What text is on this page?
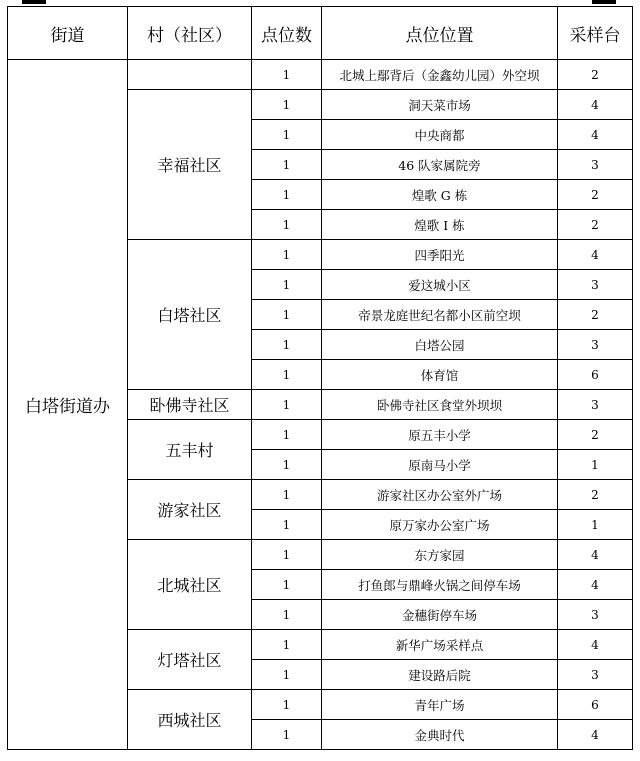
街道	村（社区）	点位数	点位位置	采样台
白塔街道办		1	北城上鄢背后（金鑫幼儿园）外空坝	2
	幸福社区	1	洞天菜市场	4
		1	中央商都	4
		1	46 队家属院旁	3
		1	煌歌 G 栋	2
		1	煌歌 I 栋	2
	白塔社区	1	四季阳光	4
		1	爱这城小区	3
		1	帝景龙庭世纪名都小区前空坝	2
		1	白塔公园	3
		1	体育馆	6
	卧佛寺社区	1	卧佛寺社区食堂外坝坝	3
	五丰村	1	原五丰小学	2
		1	原南马小学	1
	游家社区	1	游家社区办公室外广场	2
		1	原万家办公室广场	1
	北城社区	1	东方家园	4
		1	打鱼郎与鼎峰火锅之间停车场	4
		1	金穗街停车场	3
	灯塔社区	1	新华广场采样点	4
		1	建设路后院	3
	西城社区	1	青年广场	6
		1	金典时代	4
